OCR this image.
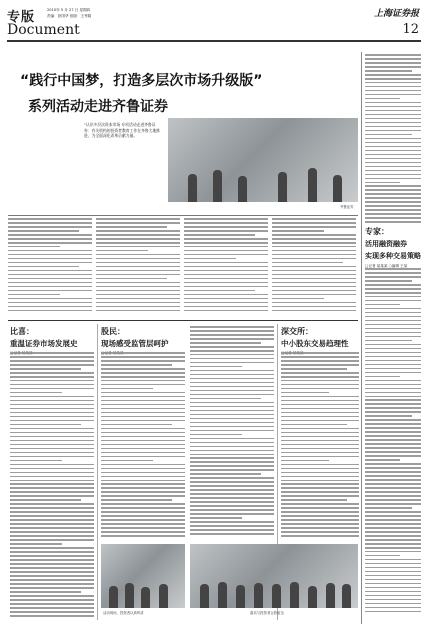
专版	2010年 5 月 27 日 星期四
责编：彭国华 组版：王秀娟
Document
上海证券报
12
“践行中国梦，打造多层次市场升级版”
系列活动走进齐鲁证券
“认识多层次资本市场 专项活动走进齐鲁证券：有关机构的投资者教育工作在齐鲁大地推进，为全面深化改革贡献力量。
齐鲁证券
专家：
活用融资融券
实现多种交易策略
□记者 某某某 ○编辑 王某
比喜：
重温证券市场发展史
股民：
现场感受监管层呵护
深交所：
中小股东交易趋理性
活动现场，投资者认真听讲	嘉宾与投资者合影留念
